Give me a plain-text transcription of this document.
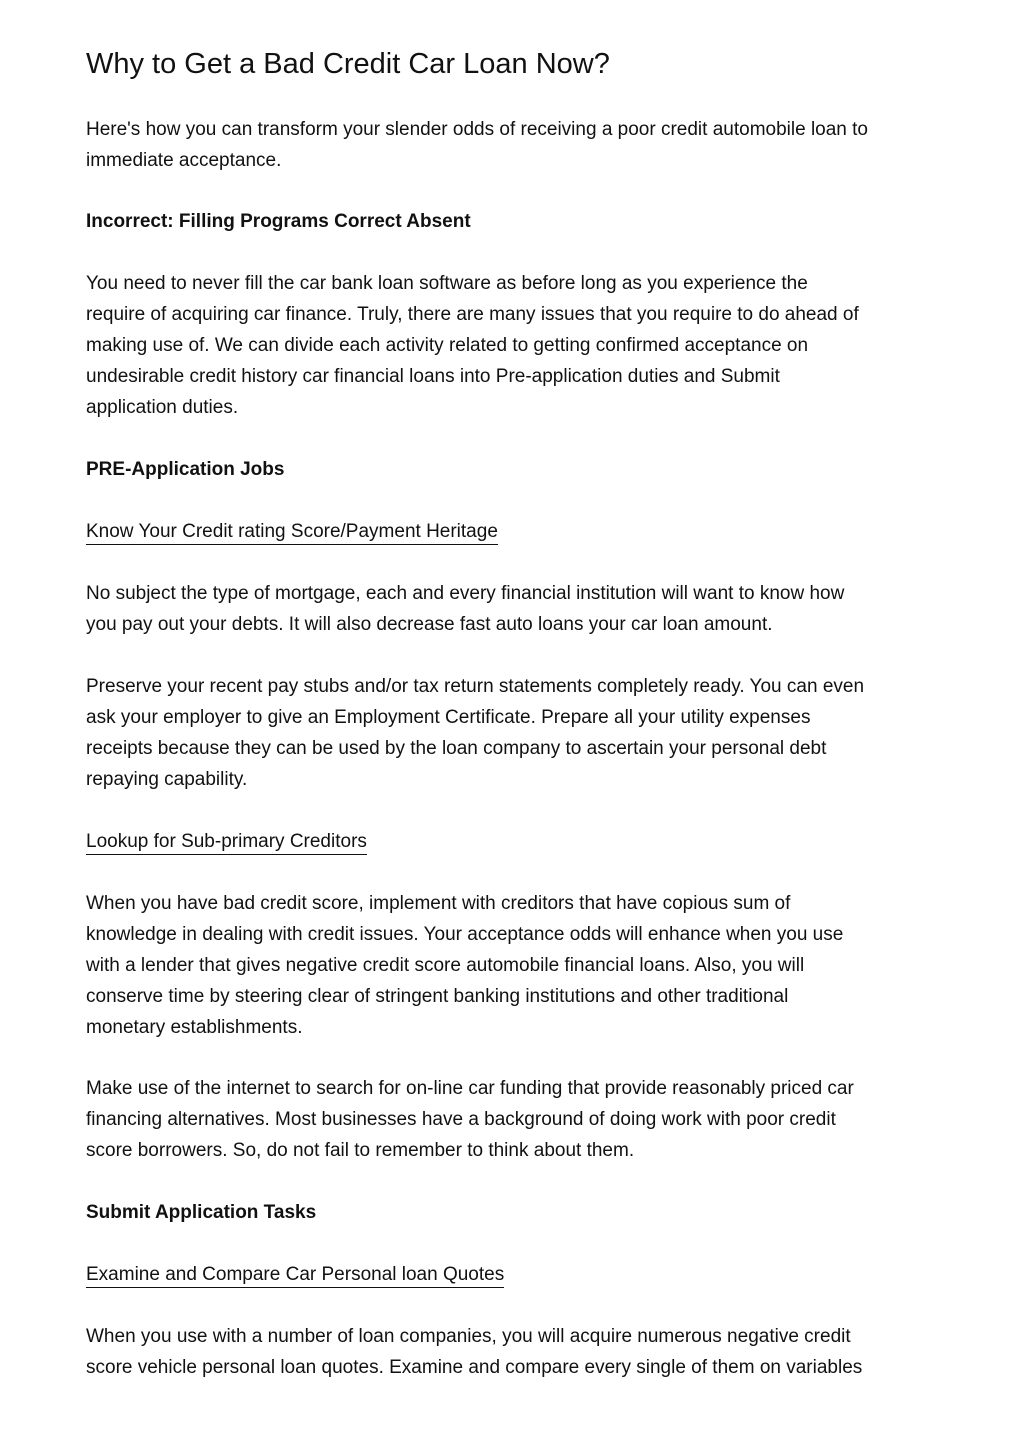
Why to Get a Bad Credit Car Loan Now?

Here's how you can transform your slender odds of receiving a poor credit automobile loan to
immediate acceptance.

Incorrect: Filling Programs Correct Absent

You need to never fill the car bank loan software as before long as you experience the
require of acquiring car finance. Truly, there are many issues that you require to do ahead of
making use of. We can divide each activity related to getting confirmed acceptance on
undesirable credit history car financial loans into Pre-application duties and Submit
application duties.

PRE-Application Jobs

Know Your Credit rating Score/Payment Heritage

No subject the type of mortgage, each and every financial institution will want to know how
you pay out your debts. It will also decrease fast auto loans your car loan amount.

Preserve your recent pay stubs and/or tax return statements completely ready. You can even
ask your employer to give an Employment Certificate. Prepare all your utility expenses
receipts because they can be used by the loan company to ascertain your personal debt
repaying capability.

Lookup for Sub-primary Creditors

When you have bad credit score, implement with creditors that have copious sum of
knowledge in dealing with credit issues. Your acceptance odds will enhance when you use
with a lender that gives negative credit score automobile financial loans. Also, you will
conserve time by steering clear of stringent banking institutions and other traditional
monetary establishments.

Make use of the internet to search for on-line car funding that provide reasonably priced car
financing alternatives. Most businesses have a background of doing work with poor credit
score borrowers. So, do not fail to remember to think about them.

Submit Application Tasks

Examine and Compare Car Personal loan Quotes

When you use with a number of loan companies, you will acquire numerous negative credit
score vehicle personal loan quotes. Examine and compare every single of them on variables
